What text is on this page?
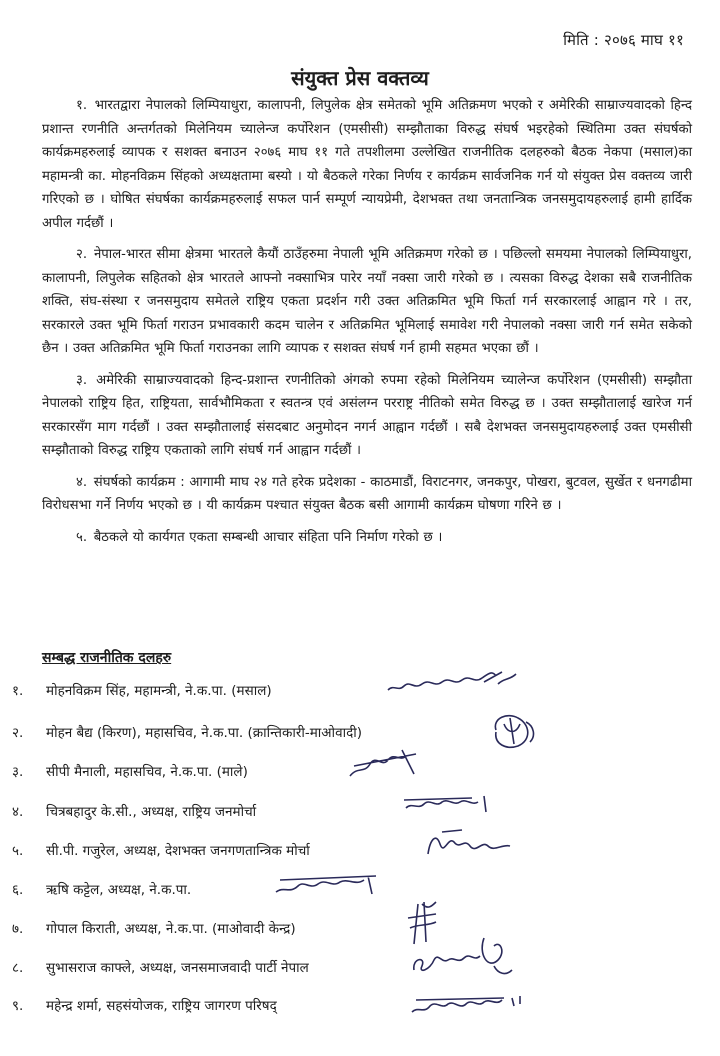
मिति : २०७६ माघ ११
संयुक्त प्रेस वक्तव्य

१. भारतद्वारा नेपालको लिम्पियाधुरा, कालापनी, लिपुलेक क्षेत्र समेतको भूमि अतिक्रमण भएको र अमेरिकी साम्राज्यवादको हिन्द प्रशान्त रणनीति अन्तर्गतको मिलेनियम च्यालेन्ज कर्पोरेशन (एमसीसी) सम्झौताका विरुद्ध संघर्ष भइरहेको स्थितिमा उक्त संघर्षको कार्यक्रमहरुलाई व्यापक र सशक्त बनाउन २०७६ माघ ११ गते तपशीलमा उल्लेखित राजनीतिक दलहरुको बैठक नेकपा (मसाल)का महामन्त्री का. मोहनविक्रम सिंहको अध्यक्षतामा बस्यो । यो बैठकले गरेका निर्णय र कार्यक्रम सार्वजनिक गर्न यो संयुक्त प्रेस वक्तव्य जारी गरिएको छ । घोषित संघर्षका कार्यक्रमहरुलाई सफल पार्न सम्पूर्ण न्यायप्रेमी, देशभक्त तथा जनतान्त्रिक जनसमुदायहरुलाई हामी हार्दिक अपील गर्दछौं ।

२. नेपाल-भारत सीमा क्षेत्रमा भारतले कैयौं ठाउँहरुमा नेपाली भूमि अतिक्रमण गरेको छ । पछिल्लो समयमा नेपालको लिम्पियाधुरा, कालापनी, लिपुलेक सहितको क्षेत्र भारतले आफ्नो नक्साभित्र पारेर नयाँ नक्सा जारी गरेको छ । त्यसका विरुद्ध देशका सबै राजनीतिक शक्ति, संघ-संस्था र जनसमुदाय समेतले राष्ट्रिय एकता प्रदर्शन गरी उक्त अतिक्रमित भूमि फिर्ता गर्न सरकारलाई आह्वान गरे । तर, सरकारले उक्त भूमि फिर्ता गराउन प्रभावकारी कदम चालेन र अतिक्रमित भूमिलाई समावेश गरी नेपालको नक्सा जारी गर्न समेत सकेको छैन । उक्त अतिक्रमित भूमि फिर्ता गराउनका लागि व्यापक र सशक्त संघर्ष गर्न हामी सहमत भएका छौं ।

३. अमेरिकी साम्राज्यवादको हिन्द-प्रशान्त रणनीतिको अंगको रुपमा रहेको मिलेनियम च्यालेन्ज कर्पोरेशन (एमसीसी) सम्झौता नेपालको राष्ट्रिय हित, राष्ट्रियता, सार्वभौमिकता र स्वतन्त्र एवं असंलग्न परराष्ट्र नीतिको समेत विरुद्ध छ । उक्त सम्झौतालाई खारेज गर्न सरकारसँग माग गर्दछौं । उक्त सम्झौतालाई संसदबाट अनुमोदन नगर्न आह्वान गर्दछौं । सबै देशभक्त जनसमुदायहरुलाई उक्त एमसीसी सम्झौताको विरुद्ध राष्ट्रिय एकताको लागि संघर्ष गर्न आह्वान गर्दछौं ।

४. संघर्षको कार्यक्रम : आगामी माघ २४ गते हरेक प्रदेशका - काठमाडौं, विराटनगर, जनकपुर, पोखरा, बुटवल, सुर्खेत र धनगढीमा विरोधसभा गर्ने निर्णय भएको छ । यी कार्यक्रम पश्चात संयुक्त बैठक बसी आगामी कार्यक्रम घोषणा गरिने छ ।

५. बैठकले यो कार्यगत एकता सम्बन्धी आचार संहिता पनि निर्माण गरेको छ ।

सम्बद्ध राजनीतिक दलहरु
१. मोहनविक्रम सिंह, महामन्त्री, ने.क.पा. (मसाल)
२. मोहन बैद्य (किरण), महासचिव, ने.क.पा. (क्रान्तिकारी-माओवादी)
३. सीपी मैनाली, महासचिव, ने.क.पा. (माले)
४. चित्रबहादुर के.सी., अध्यक्ष, राष्ट्रिय जनमोर्चा
५. सी.पी. गजुरेल, अध्यक्ष, देशभक्त जनगणतान्त्रिक मोर्चा
६. ऋषि कट्टेल, अध्यक्ष, ने.क.पा.
७. गोपाल किराती, अध्यक्ष, ने.क.पा. (माओवादी केन्द्र)
८. सुभासराज काफ्ले, अध्यक्ष, जनसमाजवादी पार्टी नेपाल
९. महेन्द्र शर्मा, सहसंयोजक, राष्ट्रिय जागरण परिषद्
